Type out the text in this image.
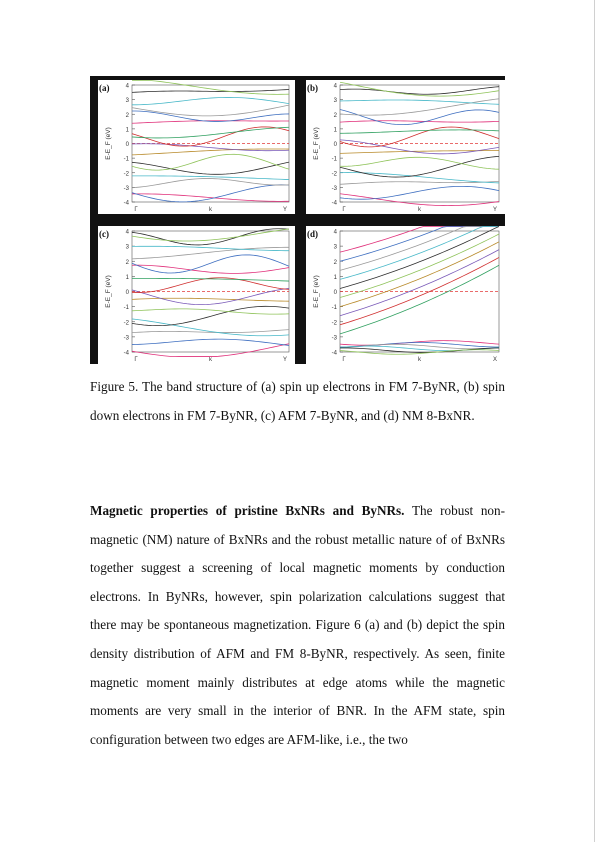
4
3
2
1
0
-1
-2
-3
-4
E-E_F (eV)
Γ	k	Y
(a)	4
3
2
1
0
-1
-2
-3
-4
E-E_F (eV)
Γ	k	Y
(b)
4
3
2
1
0
-1
-2
-3
-4
E-E_F (eV)
Γ	k	Y
(c)	4
3
2
1
0
-1
-2
-3
-4
E-E_F (eV)
Γ	k	X
(d)

Figure 5. The band structure of (a) spin up electrons in FM 7-ByNR, (b) spin down electrons in FM 7-ByNR, (c) AFM 7-ByNR, and (d) NM 8-BxNR.

Magnetic properties of pristine BxNRs and ByNRs. The robust non-magnetic (NM) nature of BxNRs and the robust metallic nature of of BxNRs together suggest a screening of local magnetic moments by conduction electrons. In ByNRs, however, spin polarization calculations suggest that there may be spontaneous magnetization. Figure 6 (a) and (b) depict the spin density distribution of AFM and FM 8-ByNR, respectively. As seen, finite magnetic moment mainly distributes at edge atoms while the magnetic moments are very small in the interior of BNR. In the AFM state, spin configuration between two edges are AFM-like, i.e., the two
